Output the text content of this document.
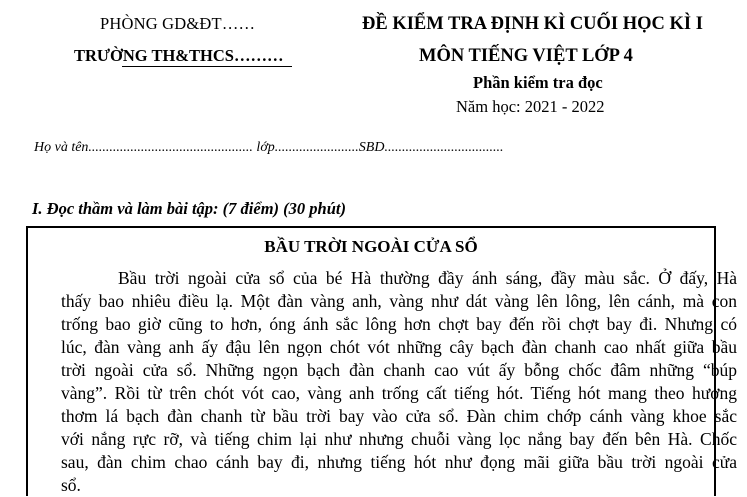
PHÒNG GD&ĐT……
TRƯỜNG TH&THCS………
ĐỀ KIỂM TRA ĐỊNH KÌ CUỐI HỌC KÌ I
MÔN TIẾNG VIỆT LỚP 4
Phần kiểm tra đọc
Năm học: 2021 - 2022
Họ và tên............................................... lớp........................SBD..................................
I. Đọc thầm và làm bài tập: (7 điểm) (30 phút)
BẦU TRỜI NGOÀI CỬA SỔ
Bầu trời ngoài cửa sổ của bé Hà thường đầy ánh sáng, đầy màu sắc. Ở đấy, Hà
thấy bao nhiêu điều lạ. Một đàn vàng anh, vàng như dát vàng lên lông, lên cánh, mà con
trống bao giờ cũng to hơn, óng ánh sắc lông hơn chợt bay đến rồi chợt bay đi. Nhưng có
lúc, đàn vàng anh ấy đậu lên ngọn chót vót những cây bạch đàn chanh cao nhất giữa bầu
trời ngoài cửa sổ. Những ngọn bạch đàn chanh cao vút ấy bỗng chốc đâm những “búp
vàng”. Rồi từ trên chót vót cao, vàng anh trống cất tiếng hót. Tiếng hót mang theo hương
thơm lá bạch đàn chanh từ bầu trời bay vào cửa sổ. Đàn chim chớp cánh vàng khoe sắc
với nắng rực rỡ, và tiếng chim lại như nhưng chuỗi vàng lọc nắng bay đến bên Hà. Chốc
sau, đàn chim chao cánh bay đi, nhưng tiếng hót như đọng mãi giữa bầu trời ngoài cửa
sổ.
